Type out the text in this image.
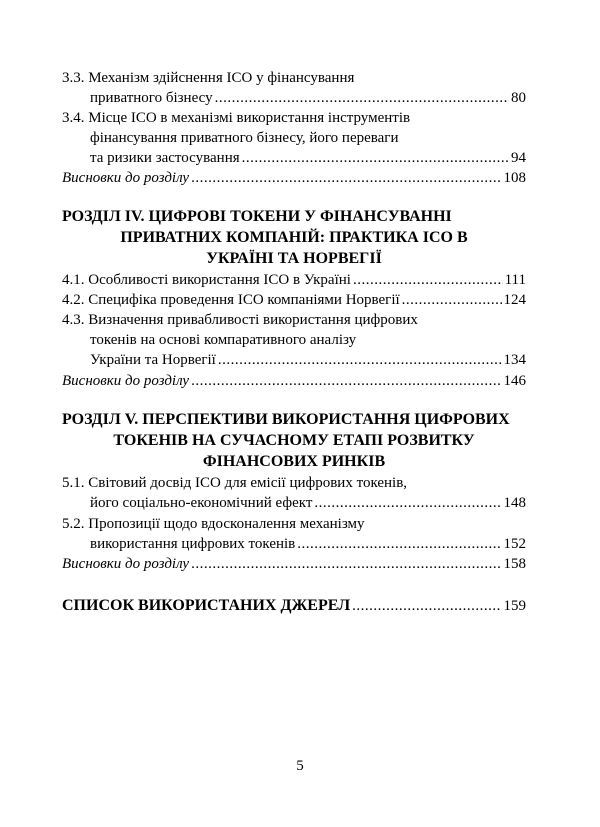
3.3. Механізм здійснення ICO у фінансування
приватного бізнесу .....	80
3.4. Місце ICO в механізмі використання інструментів
фінансування приватного бізнесу, його переваги
та ризики застосування .....	94
Висновки до розділу .....	108
РОЗДІЛ IV. ЦИФРОВІ ТОКЕНИ У ФІНАНСУВАННІ
ПРИВАТНИХ КОМПАНІЙ: ПРАКТИКА ICO В
УКРАЇНІ ТА НОРВЕГІЇ
4.1. Особливості використання ICO в Україні .....	111
4.2. Специфіка проведення ICO компаніями Норвегії .....	124
4.3. Визначення привабливості використання цифрових
токенів на основі компаративного аналізу
України та Норвегії .....	134
Висновки до розділу .....	146
РОЗДІЛ V. ПЕРСПЕКТИВИ ВИКОРИСТАННЯ ЦИФРОВИХ
ТОКЕНІВ НА СУЧАСНОМУ ЕТАПІ РОЗВИТКУ
ФІНАНСОВИХ РИНКІВ
5.1. Світовий досвід ICO для емісії цифрових токенів,
його соціально-економічний ефект .....	148
5.2. Пропозиції щодо вдосконалення механізму
використання цифрових токенів .....	152
Висновки до розділу .....	158
СПИСОК ВИКОРИСТАНИХ ДЖЕРЕЛ .....	159
5
